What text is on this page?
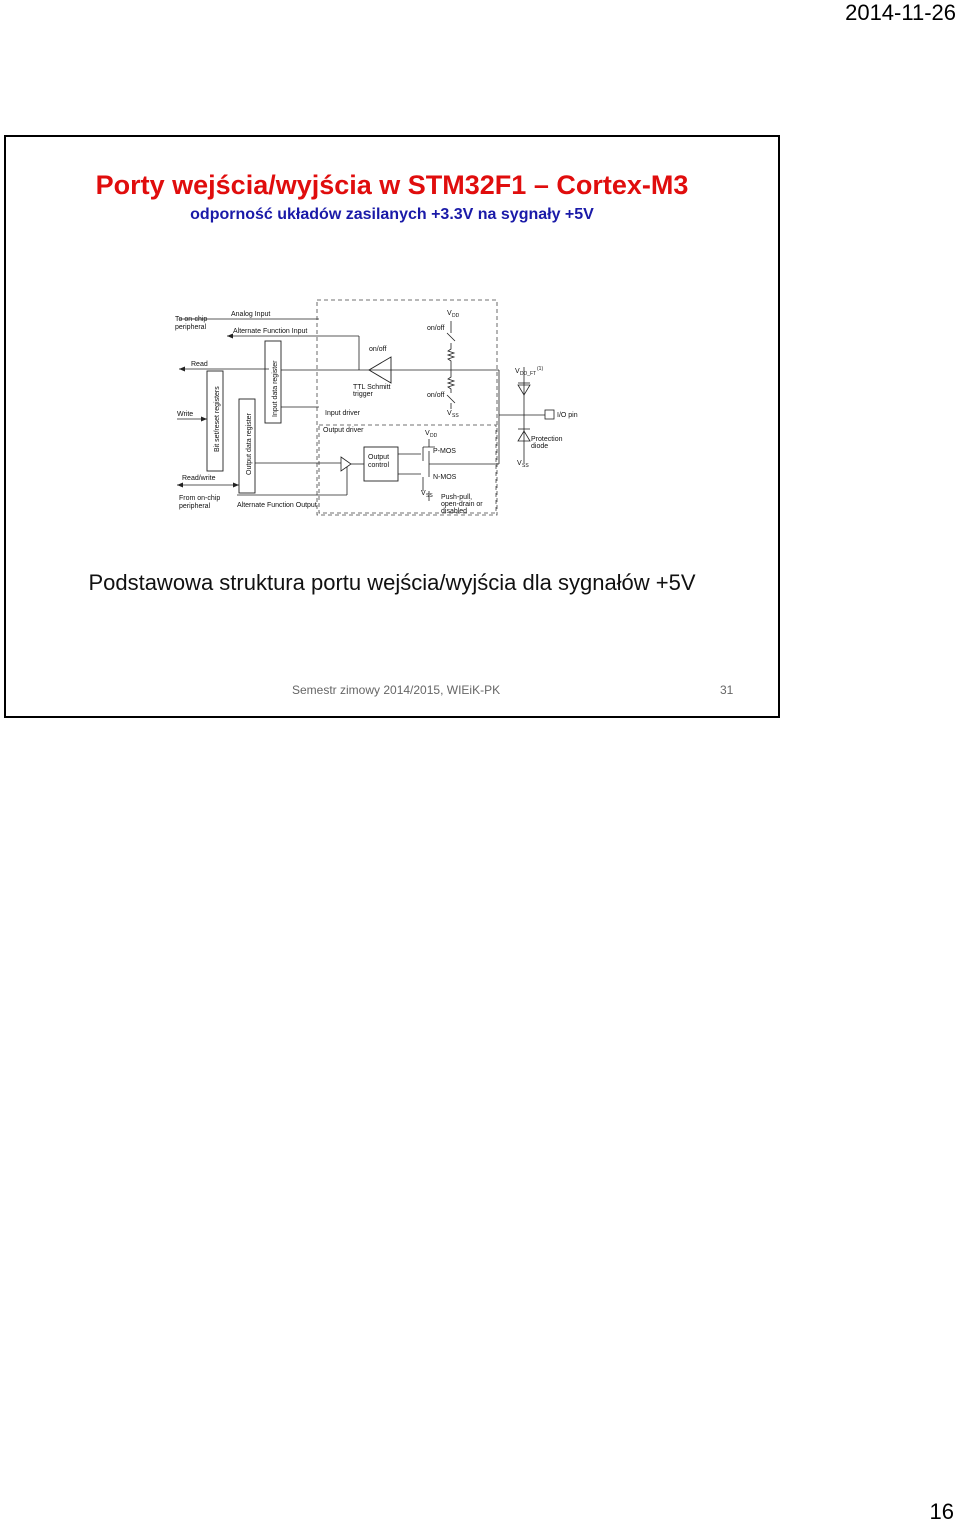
2014-11-26
Porty wejścia/wyjścia w STM32F1 – Cortex-M3
odporność układów zasilanych +3.3V na sygnały +5V
Bit set/reset registers	Output data register
Input data register
To on-chip
peripheral
Analog Input
Alternate Function Input
Read
Write
Read/write
From on-chip
peripheral	Alternate Function Output
on/off
TTL Schmitt
trigger
Input driver
Output driver
V DD
on/off
on/off
V SS
Output
control
V DD
P-MOS
N-MOS
V SS Push-pull,
open-drain or
disabled
V DD_FT
(1)
I/O pin
Protection
diode
V SS
Podstawowa struktura portu wejścia/wyjścia dla sygnałów +5V
Semestr zimowy 2014/2015, WIEiK-PK	31
16
